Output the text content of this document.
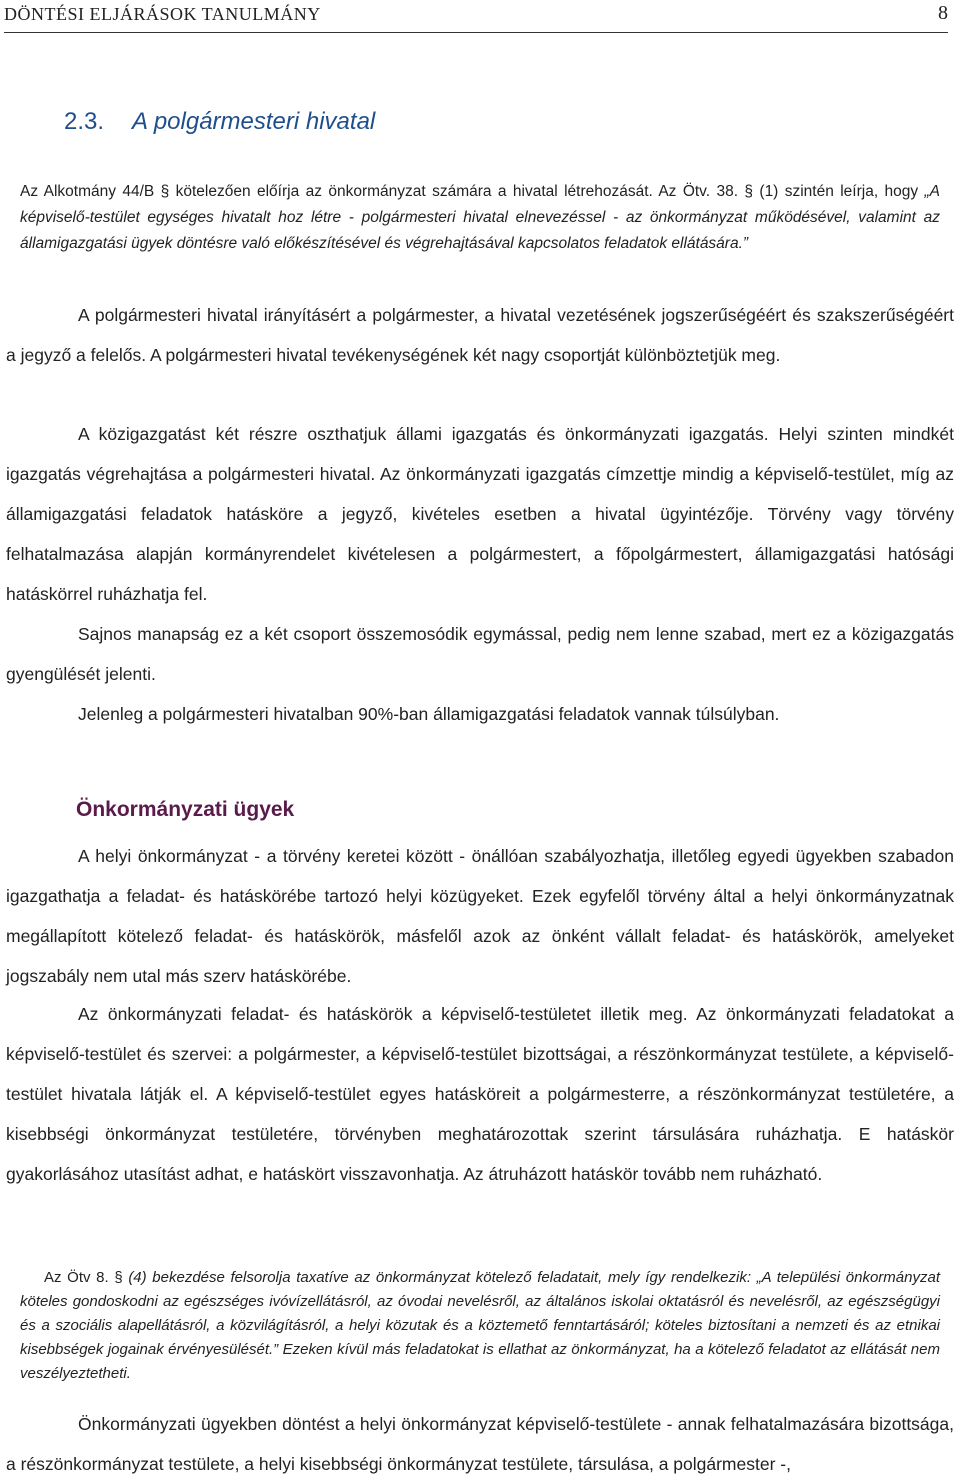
DÖNTÉSI ELJÁRÁSOK TANULMÁNY	8
2.3. A polgármesteri hivatal
Az Alkotmány 44/B § kötelezően előírja az önkormányzat számára a hivatal létrehozását. Az Ötv. 38. § (1) szintén leírja, hogy „A képviselő-testület egységes hivatalt hoz létre - polgármesteri hivatal elnevezéssel - az önkormányzat működésével, valamint az államigazgatási ügyek döntésre való előkészítésével és végrehajtásával kapcsolatos feladatok ellátására.”

A polgármesteri hivatal irányításért a polgármester, a hivatal vezetésének jogszerűségéért és szakszerűségéért a jegyző a felelős. A polgármesteri hivatal tevékenységének két nagy csoportját különböztetjük meg.

A közigazgatást két részre oszthatjuk állami igazgatás és önkormányzati igazgatás. Helyi szinten mindkét igazgatás végrehajtása a polgármesteri hivatal. Az önkormányzati igazgatás címzettje mindig a képviselő-testület, míg az államigazgatási feladatok hatásköre a jegyző, kivételes esetben a hivatal ügyintézője. Törvény vagy törvény felhatalmazása alapján kormányrendelet kivételesen a polgármestert, a főpolgármestert, államigazgatási hatósági hatáskörrel ruházhatja fel.

Sajnos manapság ez a két csoport összemosódik egymással, pedig nem lenne szabad, mert ez a közigazgatás gyengülését jelenti.

Jelenleg a polgármesteri hivatalban 90%-ban államigazgatási feladatok vannak túlsúlyban.

Önkormányzati ügyek

A helyi önkormányzat - a törvény keretei között - önállóan szabályozhatja, illetőleg egyedi ügyekben szabadon igazgathatja a feladat- és hatáskörébe tartozó helyi közügyeket. Ezek egyfelől törvény által a helyi önkormányzatnak megállapított kötelező feladat- és hatáskörök, másfelől azok az önként vállalt feladat- és hatáskörök, amelyeket jogszabály nem utal más szerv hatáskörébe.

Az önkormányzati feladat- és hatáskörök a képviselő-testületet illetik meg. Az önkormányzati feladatokat a képviselő-testület és szervei: a polgármester, a képviselő-testület bizottságai, a részönkormányzat testülete, a képviselő-testület hivatala látják el. A képviselő-testület egyes hatásköreit a polgármesterre, a részönkormányzat testületére, a kisebbségi önkormányzat testületére, törvényben meghatározottak szerint társulására ruházhatja. E hatáskör gyakorlásához utasítást adhat, e hatáskört visszavonhatja. Az átruházott hatáskör tovább nem ruházható.

Az Ötv 8. § (4) bekezdése felsorolja taxatíve az önkormányzat kötelező feladatait, mely így rendelkezik: „A települési önkormányzat köteles gondoskodni az egészséges ivóvízellátásról, az óvodai nevelésről, az általános iskolai oktatásról és nevelésről, az egészségügyi és a szociális alapellátásról, a közvilágításról, a helyi közutak és a köztemető fenntartásáról; köteles biztosítani a nemzeti és az etnikai kisebbségek jogainak érvényesülését.” Ezeken kívül más feladatokat is ellathat az önkormányzat, ha a kötelező feladatot az ellátását nem veszélyeztetheti.

Önkormányzati ügyekben döntést a helyi önkormányzat képviselő-testülete - annak felhatalmazására bizottsága, a részönkormányzat testülete, a helyi kisebbségi önkormányzat testülete, társulása, a polgármester -,
